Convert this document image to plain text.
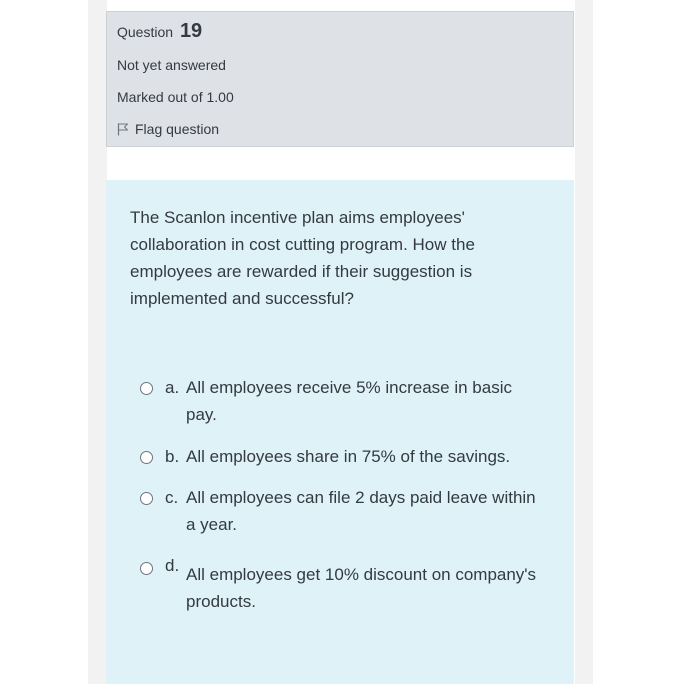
Question 19
Not yet answered
Marked out of 1.00
Flag question
The Scanlon incentive plan aims employees' collaboration in cost cutting program. How the employees are rewarded if their suggestion is implemented and successful?
a. All employees receive 5% increase in basic pay.
b. All employees share in 75% of the savings.
c. All employees can file 2 days paid leave within a year.
d. All employees get 10% discount on company's products.
